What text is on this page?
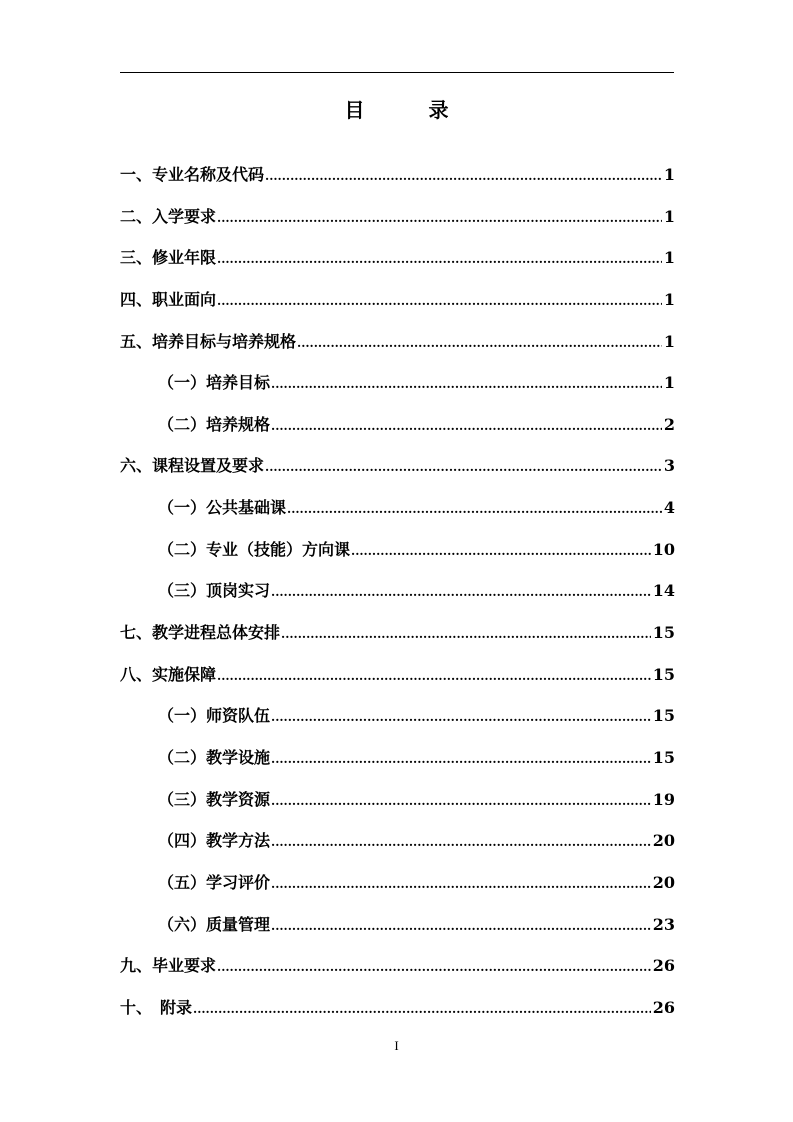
目　录
一、专业名称及代码 .....	1
二、入学要求 .....	1
三、修业年限 .....	1
四、职业面向 .....	1
五、培养目标与培养规格 .....	1
（一）培养目标 .....	1
（二）培养规格 .....	2
六、课程设置及要求 .....	3
（一）公共基础课 .....	4
（二）专业（技能）方向课 .....	10
（三）顶岗实习 .....	14
七、教学进程总体安排 .....	15
八、实施保障 .....	15
（一）师资队伍 .....	15
（二）教学设施 .....	15
（三）教学资源 .....	19
（四）教学方法 .....	20
（五）学习评价 .....	20
（六）质量管理 .....	23
九、毕业要求 .....	26
十、　附录 .....	26
I
